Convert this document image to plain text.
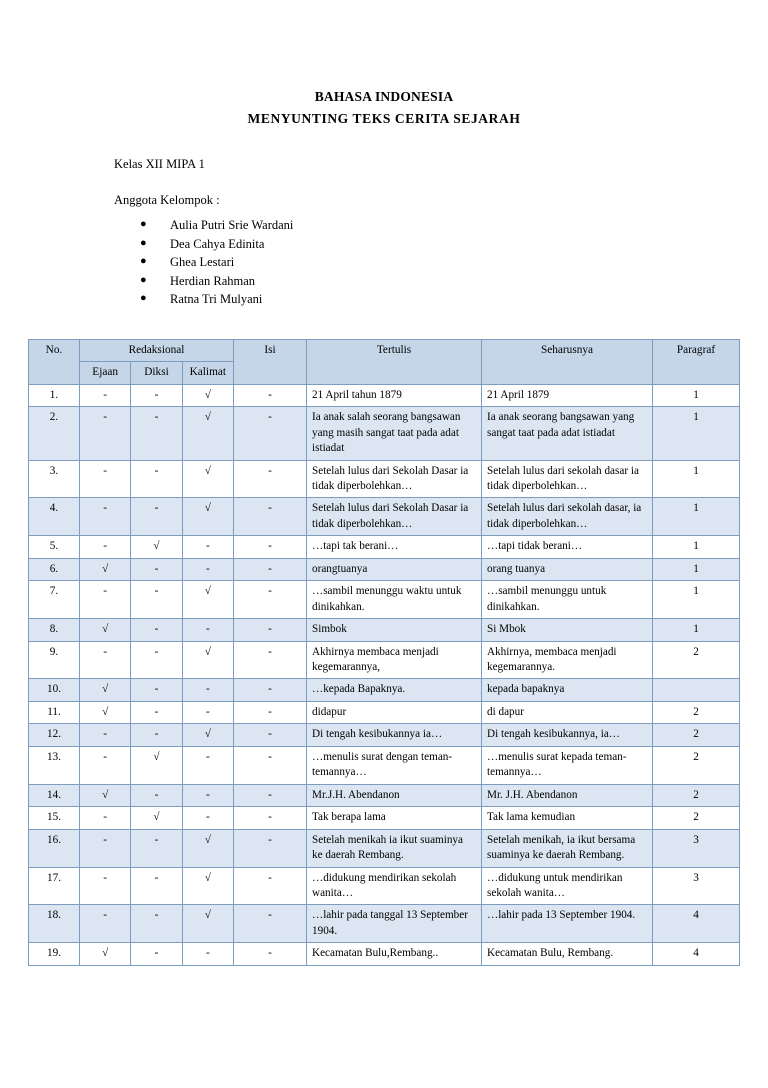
BAHASA INDONESIA
MENYUNTING TEKS CERITA SEJARAH
Kelas XII MIPA 1
Anggota Kelompok :
● Aulia Putri Srie Wardani
● Dea Cahya Edinita
● Ghea Lestari
● Herdian Rahman
● Ratna Tri Mulyani
No.	Redaksional			Isi	Tertulis	Seharusnya	Paragraf
	Ejaan	Diksi	Kalimat				
1.	-	-	√	-	21 April tahun 1879	21 April 1879	1
2.	-	-	√	-	Ia anak salah seorang bangsawan yang masih sangat taat pada adat istiadat	Ia anak seorang bangsawan yang sangat taat pada adat istiadat	1
3.	-	-	√	-	Setelah lulus dari Sekolah Dasar ia tidak diperbolehkan…	Setelah lulus dari sekolah dasar ia tidak diperbolehkan…	1
4.	-	-	√	-	Setelah lulus dari Sekolah Dasar ia tidak diperbolehkan…	Setelah lulus dari sekolah dasar, ia tidak diperbolehkan…	1
5.	-	√	-	-	…tapi tak berani…	…tapi tidak berani…	1
6.	√	-	-	-	orangtuanya	orang tuanya	1
7.	-	-	√	-	…sambil menunggu waktu untuk dinikahkan.	…sambil menunggu untuk dinikahkan.	1
8.	√	-	-	-	Simbok	Si Mbok	1
9.	-	-	√	-	Akhirnya membaca menjadi kegemarannya,	Akhirnya, membaca menjadi kegemarannya.	2
10.	√	-	-	-	…kepada Bapaknya.	kepada bapaknya	
11.	√	-	-	-	didapur	di dapur	2
12.	-	-	√	-	Di tengah kesibukannya ia…	Di tengah kesibukannya, ia…	2
13.	-	√	-	-	…menulis surat dengan teman-temannya…	…menulis surat kepada teman-temannya…	2
14.	√	-	-	-	Mr.J.H. Abendanon	Mr. J.H. Abendanon	2
15.	-	√	-	-	Tak berapa lama	Tak lama kemudian	2
16.	-	-	√	-	Setelah menikah ia ikut suaminya ke daerah Rembang.	Setelah menikah, ia ikut bersama suaminya ke daerah Rembang.	3
17.	-	-	√	-	…didukung mendirikan sekolah wanita…	…didukung untuk mendirikan sekolah wanita…	3
18.	-	-	√	-	…lahir pada tanggal 13 September 1904.	…lahir pada 13 September 1904.	4
19.	√	-	-	-	Kecamatan Bulu,Rembang..	Kecamatan Bulu, Rembang.	4
